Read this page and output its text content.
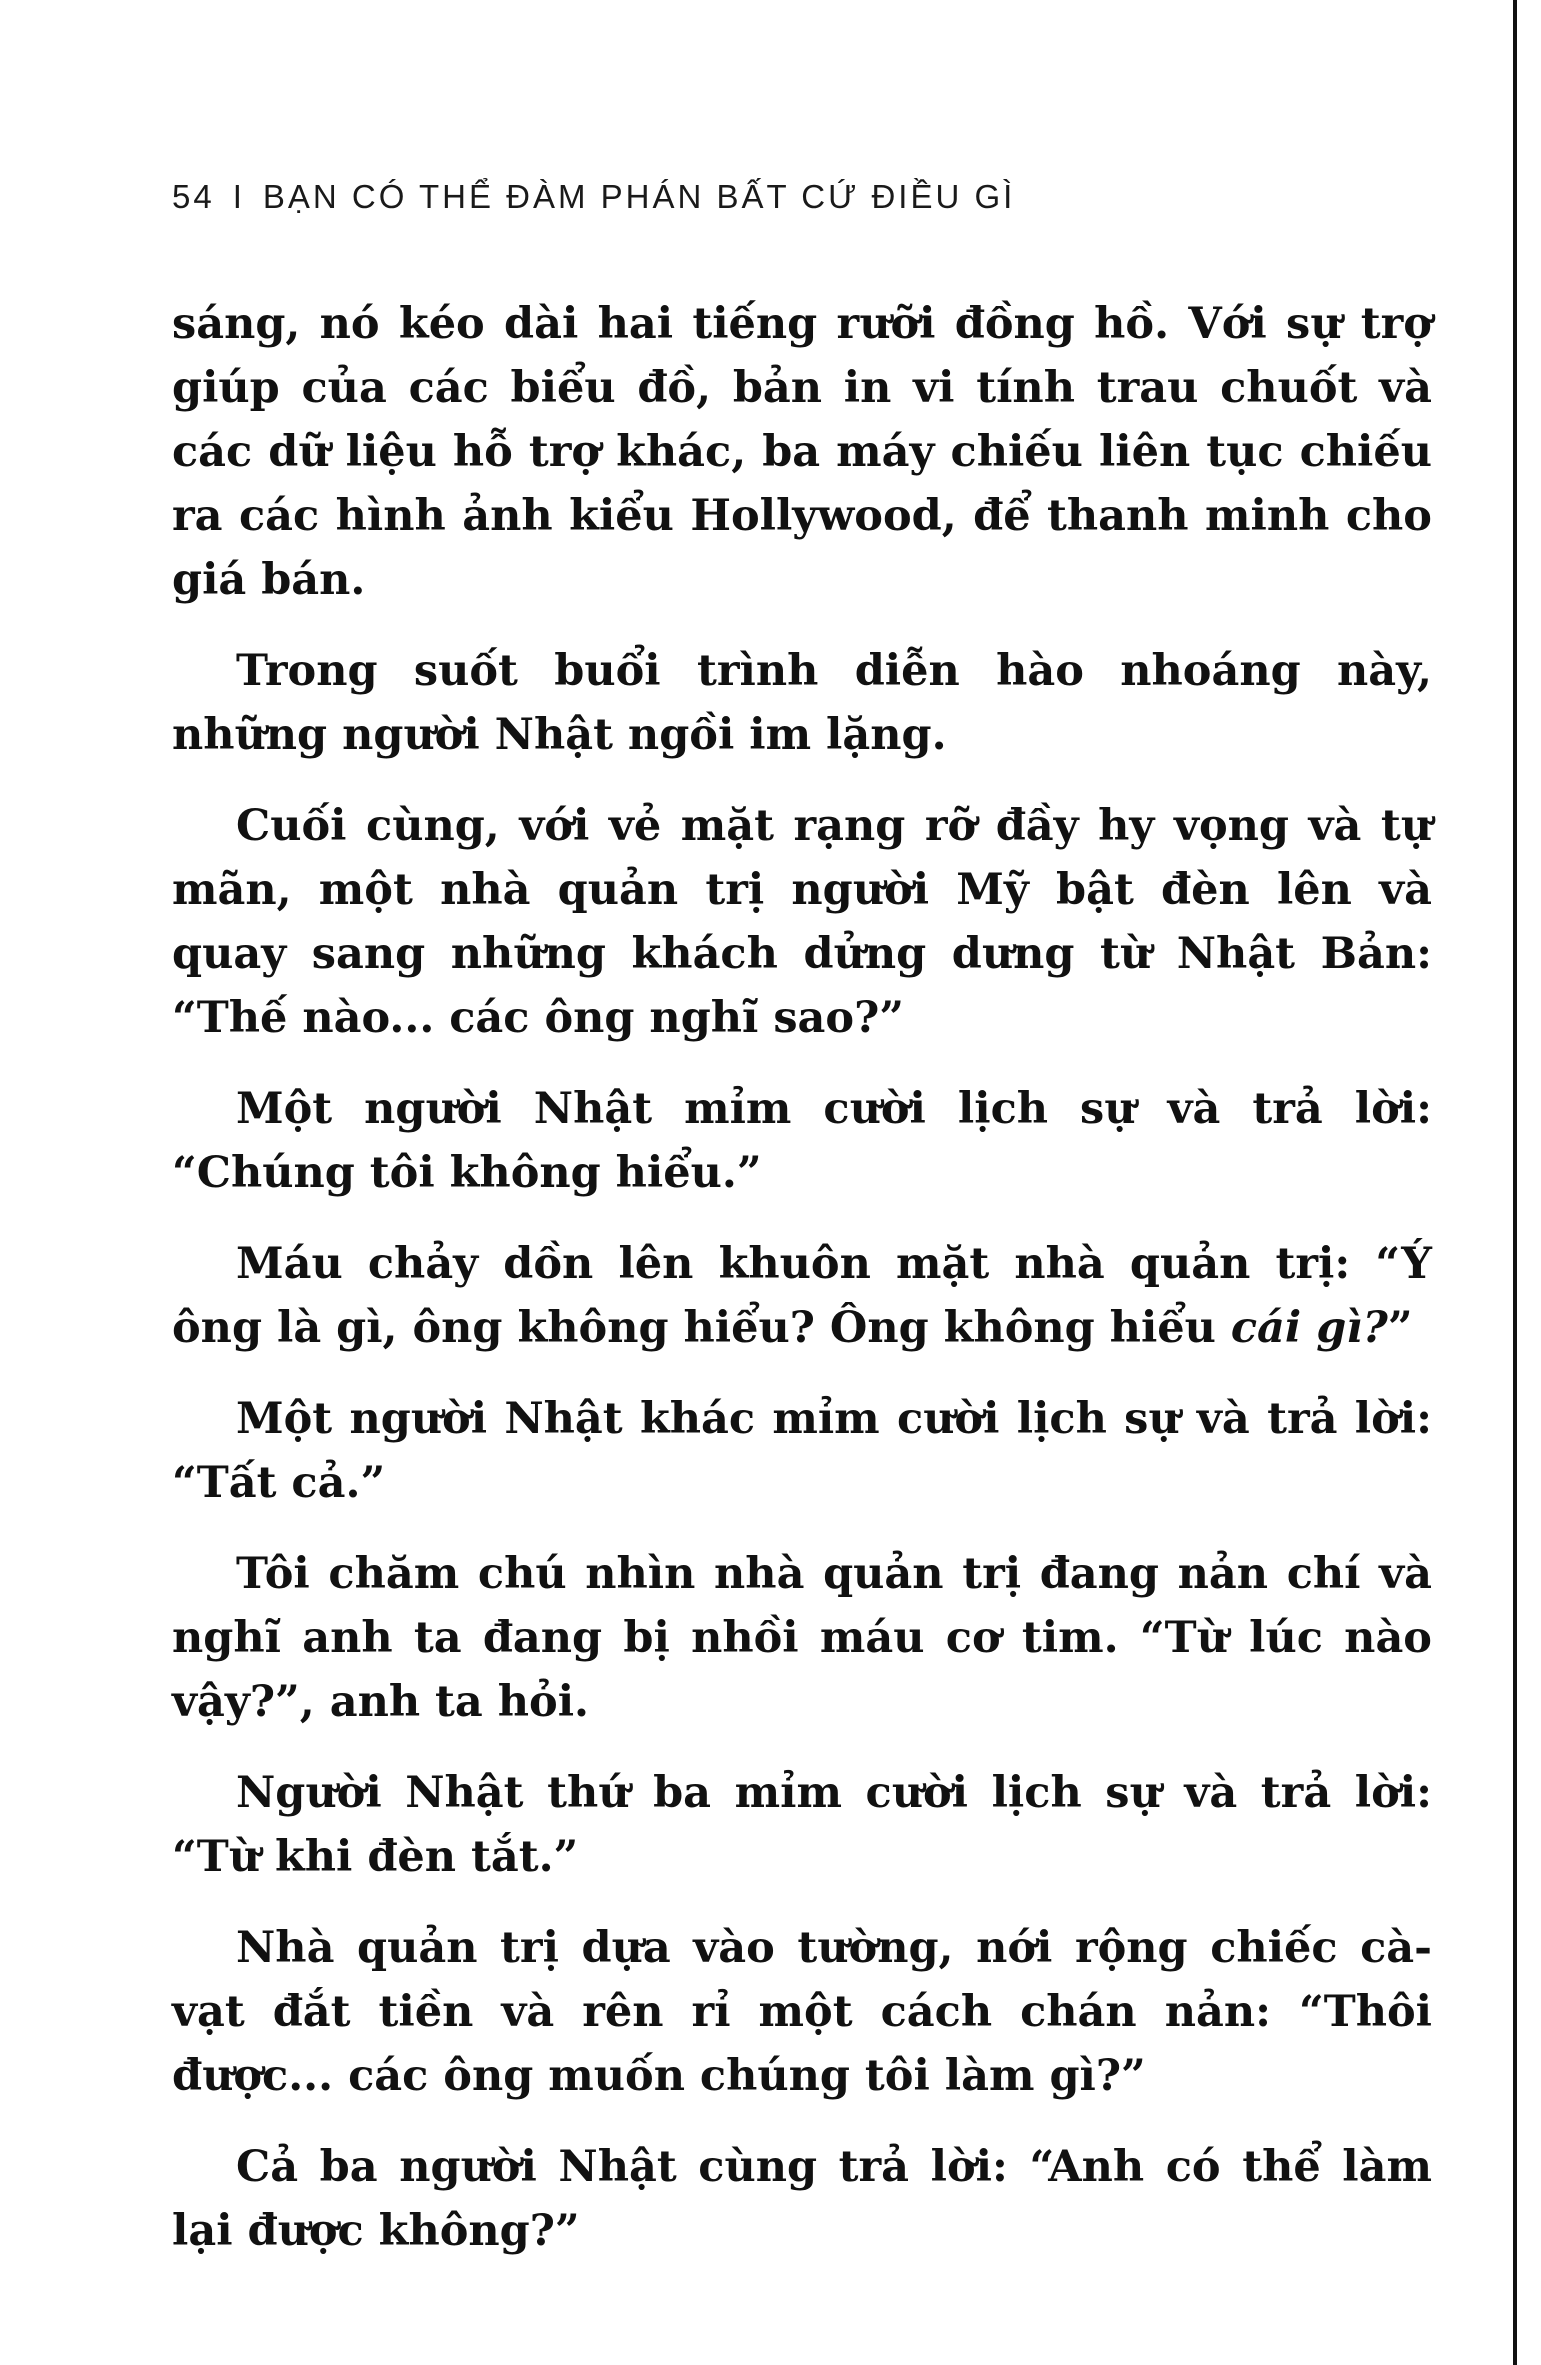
54 I BẠN CÓ THỂ ĐÀM PHÁN BẤT CỨ ĐIỀU GÌ

sáng, nó kéo dài hai tiếng rưỡi đồng hồ. Với sự trợ giúp của các biểu đồ, bản in vi tính trau chuốt và các dữ liệu hỗ trợ khác, ba máy chiếu liên tục chiếu ra các hình ảnh kiểu Hollywood, để thanh minh cho giá bán.

Trong suốt buổi trình diễn hào nhoáng này, những người Nhật ngồi im lặng.

Cuối cùng, với vẻ mặt rạng rỡ đầy hy vọng và tự mãn, một nhà quản trị người Mỹ bật đèn lên và quay sang những khách dửng dưng từ Nhật Bản: “Thế nào... các ông nghĩ sao?”

Một người Nhật mỉm cười lịch sự và trả lời: “Chúng tôi không hiểu.”

Máu chảy dồn lên khuôn mặt nhà quản trị: “Ý ông là gì, ông không hiểu? Ông không hiểu cái gì?”

Một người Nhật khác mỉm cười lịch sự và trả lời: “Tất cả.”

Tôi chăm chú nhìn nhà quản trị đang nản chí và nghĩ anh ta đang bị nhồi máu cơ tim. “Từ lúc nào vậy?”, anh ta hỏi.

Người Nhật thứ ba mỉm cười lịch sự và trả lời: “Từ khi đèn tắt.”

Nhà quản trị dựa vào tường, nới rộng chiếc cà-vạt đắt tiền và rên rỉ một cách chán nản: “Thôi được... các ông muốn chúng tôi làm gì?”

Cả ba người Nhật cùng trả lời: “Anh có thể làm lại được không?”
